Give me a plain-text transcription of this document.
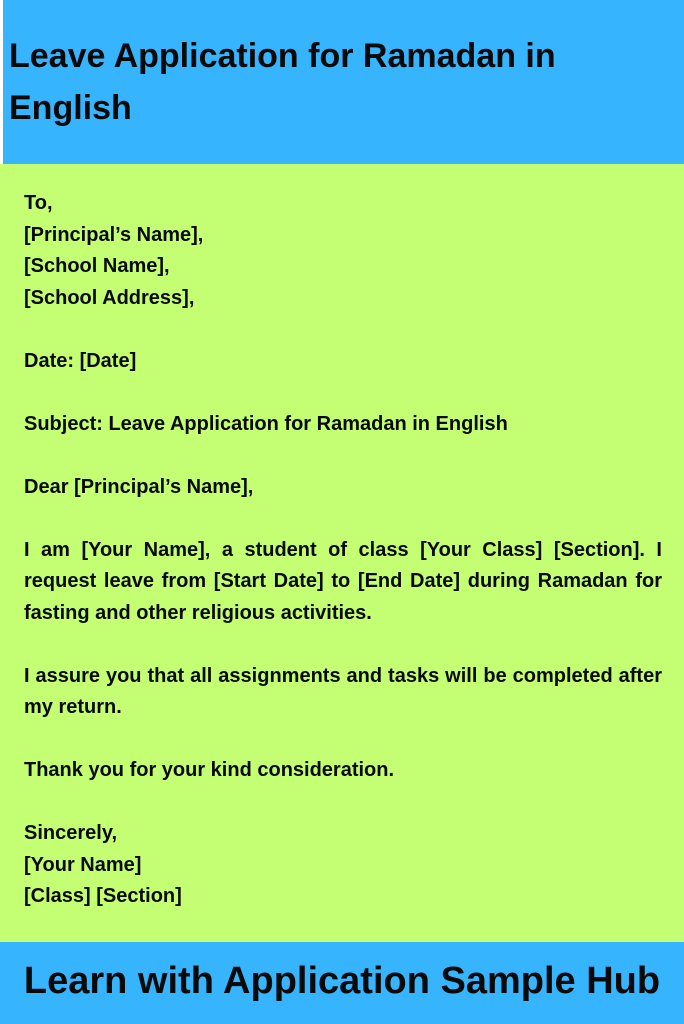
Leave Application for Ramadan in English
To,
[Principal’s Name],
[School Name],
[School Address],
Date: [Date]
Subject: Leave Application for Ramadan in English
Dear [Principal’s Name],
I am [Your Name], a student of class [Your Class] [Section]. I request leave from [Start Date] to [End Date] during Ramadan for fasting and other religious activities.
I assure you that all assignments and tasks will be completed after my return.
Thank you for your kind consideration.
Sincerely,
[Your Name]
[Class] [Section]
Learn with Application Sample Hub
